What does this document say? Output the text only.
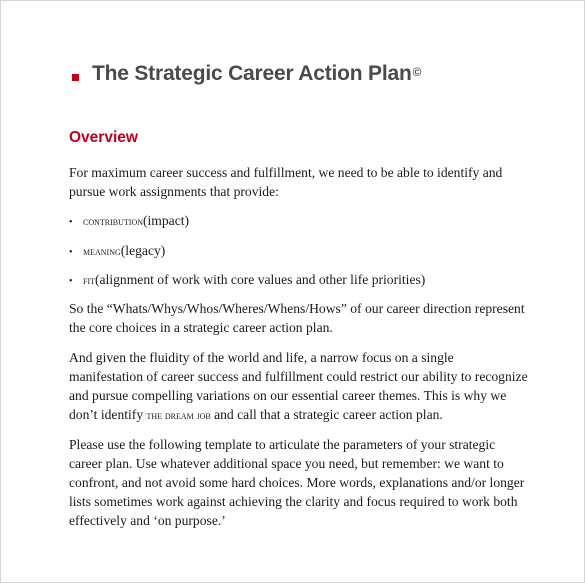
The Strategic Career Action Plan©
Overview

For maximum career success and fulfillment, we need to be able to identify and pursue work assignments that provide:

• contribution (impact)
• meaning (legacy)
• fit (alignment of work with core values and other life priorities)

So the “Whats/Whys/Whos/Wheres/Whens/Hows” of our career direction represent the core choices in a strategic career action plan.

And given the fluidity of the world and life, a narrow focus on a single manifestation of career success and fulfillment could restrict our ability to recognize and pursue compelling variations on our essential career themes. This is why we don’t identify the dream job and call that a strategic career action plan.

Please use the following template to articulate the parameters of your strategic career plan. Use whatever additional space you need, but remember: we want to confront, and not avoid some hard choices. More words, explanations and/or longer lists sometimes work against achieving the clarity and focus required to work both effectively and ‘on purpose.’
